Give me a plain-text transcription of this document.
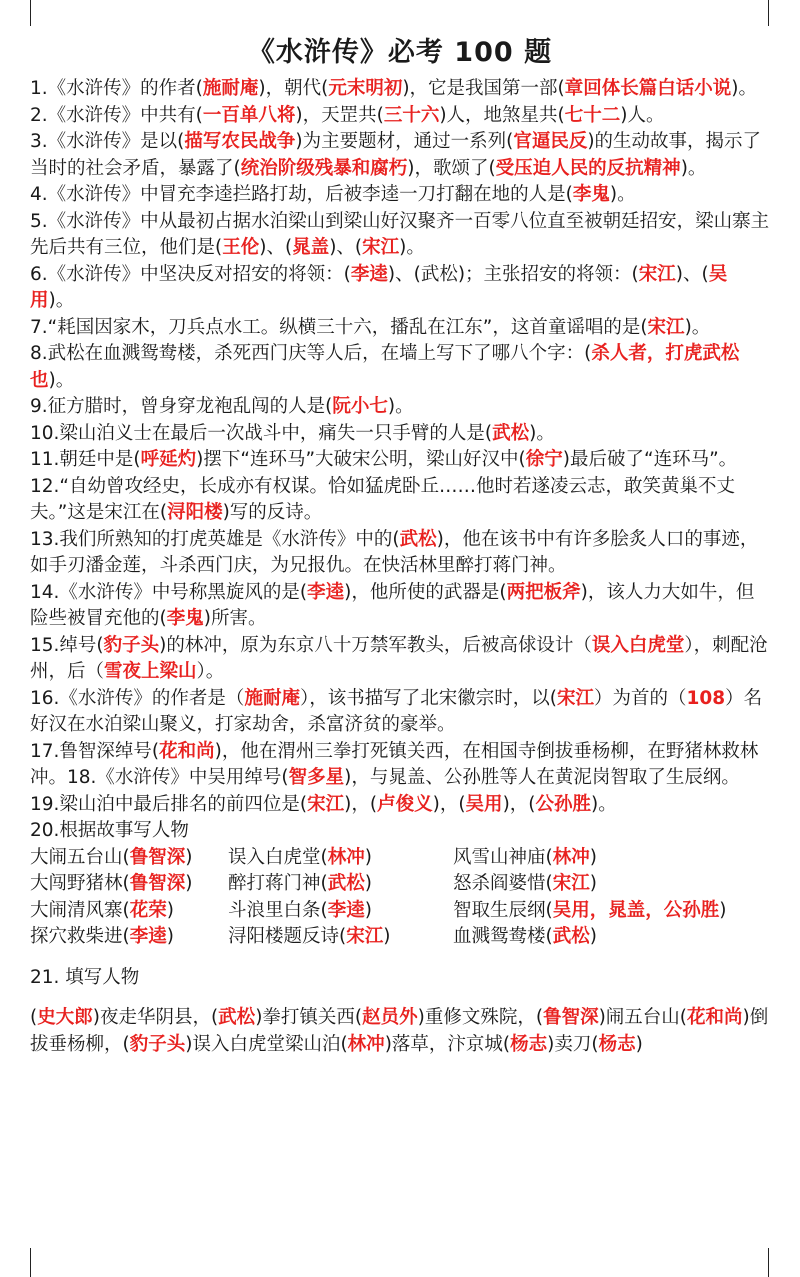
《水浒传》必考 100 题
1.《水浒传》的作者(施耐庵)，朝代(元末明初)，它是我国第一部(章回体长篇白话小说)。
2.《水浒传》中共有(一百单八将)，天罡共(三十六)人，地煞星共(七十二)人。
3.《水浒传》是以(描写农民战争)为主要题材，通过一系列(官逼民反)的生动故事，揭示了当时的社会矛盾，暴露了(统治阶级残暴和腐朽)，歌颂了(受压迫人民的反抗精神)。
4.《水浒传》中冒充李逵拦路打劫，后被李逵一刀打翻在地的人是(李鬼)。
5.《水浒传》中从最初占据水泊梁山到梁山好汉聚齐一百零八位直至被朝廷招安，梁山寨主先后共有三位，他们是(王伦)、(晁盖)、(宋江)。
6.《水浒传》中坚决反对招安的将领：(李逵)、(武松)；主张招安的将领：(宋江)、(吴用)。
7.“耗国因家木，刀兵点水工。纵横三十六，播乱在江东”，这首童谣唱的是(宋江)。
8.武松在血溅鸳鸯楼，杀死西门庆等人后，在墙上写下了哪八个字：(杀人者，打虎武松也)。
9.征方腊时，曾身穿龙袍乱闯的人是(阮小七)。
10.梁山泊义士在最后一次战斗中，痛失一只手臂的人是(武松)。
11.朝廷中是(呼延灼)摆下“连环马”大破宋公明，梁山好汉中(徐宁)最后破了“连环马”。
12.“自幼曾攻经史，长成亦有权谋。恰如猛虎卧丘……他时若遂凌云志，敢笑黄巢不丈夫。”这是宋江在(浔阳楼)写的反诗。
13.我们所熟知的打虎英雄是《水浒传》中的(武松)，他在该书中有许多脍炙人口的事迹，如手刃潘金莲，斗杀西门庆，为兄报仇。在快活林里醉打蒋门神。
14.《水浒传》中号称黑旋风的是(李逵)，他所使的武器是(两把板斧)，该人力大如牛，但险些被冒充他的(李鬼)所害。
15.绰号(豹子头)的林冲，原为东京八十万禁军教头，后被高俅设计（误入白虎堂），刺配沧州，后（雪夜上梁山）。
16.《水浒传》的作者是（施耐庵），该书描写了北宋徽宗时，以(宋江）为首的（108）名好汉在水泊梁山聚义，打家劫舍，杀富济贫的豪举。
17.鲁智深绰号(花和尚)，他在渭州三拳打死镇关西，在相国寺倒拔垂杨柳，在野猪林救林冲。18.《水浒传》中吴用绰号(智多星)，与晁盖、公孙胜等人在黄泥岗智取了生辰纲。
19.梁山泊中最后排名的前四位是(宋江)，(卢俊义)，(吴用)，(公孙胜)。
20.根据故事写人物
大闹五台山(鲁智深)	误入白虎堂(林冲)	风雪山神庙(林冲)
大闯野猪林(鲁智深)	醉打蒋门神(武松)	怒杀阎婆惜(宋江)
大闹清风寨(花荣)	斗浪里白条(李逵)	智取生辰纲(吴用，晁盖，公孙胜)
探穴救柴进(李逵)	浔阳楼题反诗(宋江)	血溅鸳鸯楼(武松)
21. 填写人物
(史大郎)夜走华阴县，(武松)拳打镇关西(赵员外)重修文殊院，(鲁智深)闹五台山(花和尚)倒拔垂杨柳，(豹子头)误入白虎堂梁山泊(林冲)落草，汴京城(杨志)卖刀(杨志)
